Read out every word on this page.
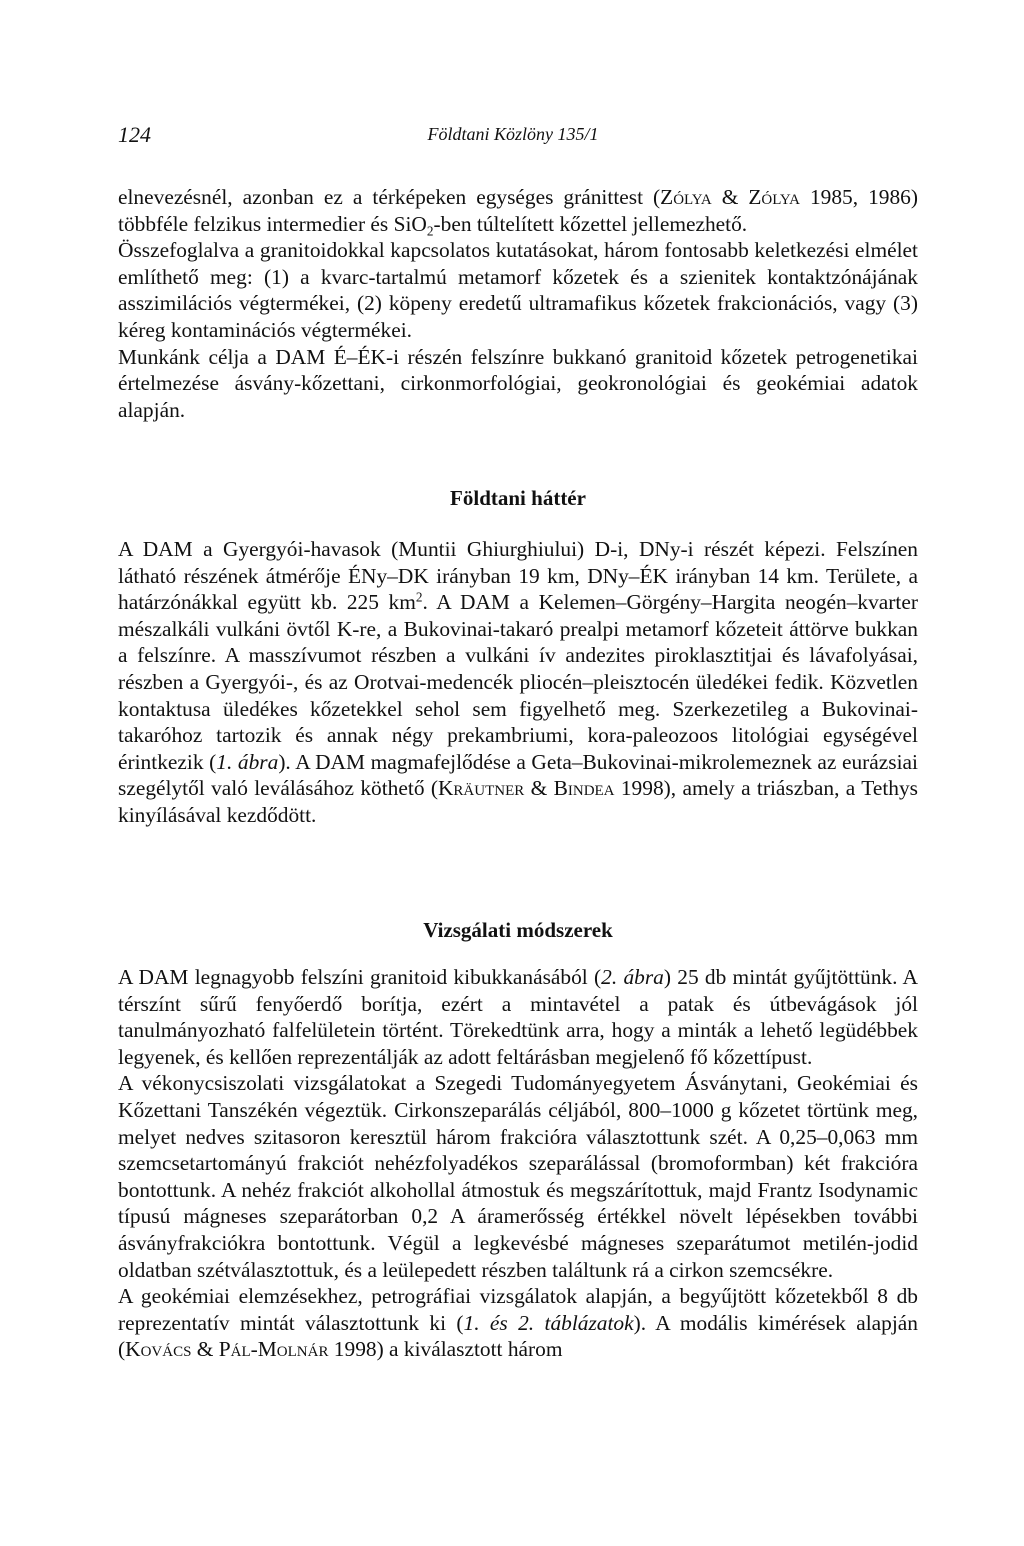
124	Földtani Közlöny 135/1

elnevezésnél, azonban ez a térképeken egységes gránittest (Zólya & Zólya 1985, 1986) többféle felzikus intermedier és SiO$_2$-ben túltelített kőzettel jellemezhető.

Összefoglalva a granitoidokkal kapcsolatos kutatásokat, három fontosabb keletkezési elmélet említhető meg: (1) a kvarc-tartalmú metamorf kőzetek és a szienitek kontaktzónájának asszimilációs végtermékei, (2) köpeny eredetű ultramafikus kőzetek frakcionációs, vagy (3) kéreg kontaminációs végtermékei.

Munkánk célja a DAM É–ÉK-i részén felszínre bukkanó granitoid kőzetek petrogenetikai értelmezése ásvány-kőzettani, cirkonmorfológiai, geokronológiai és geokémiai adatok alapján.

Földtani háttér

A DAM a Gyergyói-havasok (Muntii Ghiurghiului) D-i, DNy-i részét képezi. Felszínen látható részének átmérője ÉNy–DK irányban 19 km, DNy–ÉK irányban 14 km. Területe, a határzónákkal együtt kb. 225 $km^2$. A DAM a Kelemen–Görgény–Hargita neogén–kvarter mészalkáli vulkáni övtől K-re, a Bukovinai-takaró prealpi metamorf kőzeteit áttörve bukkan a felszínre. A masszívumot részben a vulkáni ív andezites piroklasztitjai és lávafolyásai, részben a Gyergyói-, és az Orotvai-medencék pliocén–pleisztocén üledékei fedik. Közvetlen kontaktusa üledékes kőzetekkel sehol sem figyelhető meg. Szerkezetileg a Bukovinai-takaróhoz tartozik és annak négy prekambriumi, kora-paleozoos litológiai egységével érintkezik (1. ábra). A DAM magmafejlődése a Geta–Bukovinai-mikrolemeznek az eurázsiai szegélytől való leválásához köthető (Kräutner & Bindea 1998), amely a triászban, a Tethys kinyílásával kezdődött.

Vizsgálati módszerek

A DAM legnagyobb felszíni granitoid kibukkanásából (2. ábra) 25 db mintát gyűjtöttünk. A térszínt sűrű fenyőerdő borítja, ezért a mintavétel a patak és útbevágások jól tanulmányozható falfelületein történt. Törekedtünk arra, hogy a minták a lehető legüdébbek legyenek, és kellően reprezentálják az adott feltárásban megjelenő fő kőzettípust.

A vékonycsiszolati vizsgálatokat a Szegedi Tudományegyetem Ásványtani, Geokémiai és Kőzettani Tanszékén végeztük. Cirkonszeparálás céljából, 800–1000 g kőzetet törtünk meg, melyet nedves szitasoron keresztül három frakcióra választottunk szét. A 0,25–0,063 mm szemcsetartományú frakciót nehézfolyadékos szeparálással (bromoformban) két frakcióra bontottunk. A nehéz frakciót alkohollal átmostuk és megszárítottuk, majd Frantz Isodynamic típusú mágneses szeparátorban 0,2 A áramerősség értékkel növelt lépésekben további ásványfrakciókra bontottunk. Végül a legkevésbé mágneses szeparátumot metilén-jodid oldatban szétválasztottuk, és a leülepedett részben találtunk rá a cirkon szemcsékre.

A geokémiai elemzésekhez, petrográfiai vizsgálatok alapján, a begyűjtött kőzetekből 8 db reprezentatív mintát választottunk ki (1. és 2. táblázatok). A modális kimérések alapján (Kovács & Pál-Molnár 1998) a kiválasztott három
